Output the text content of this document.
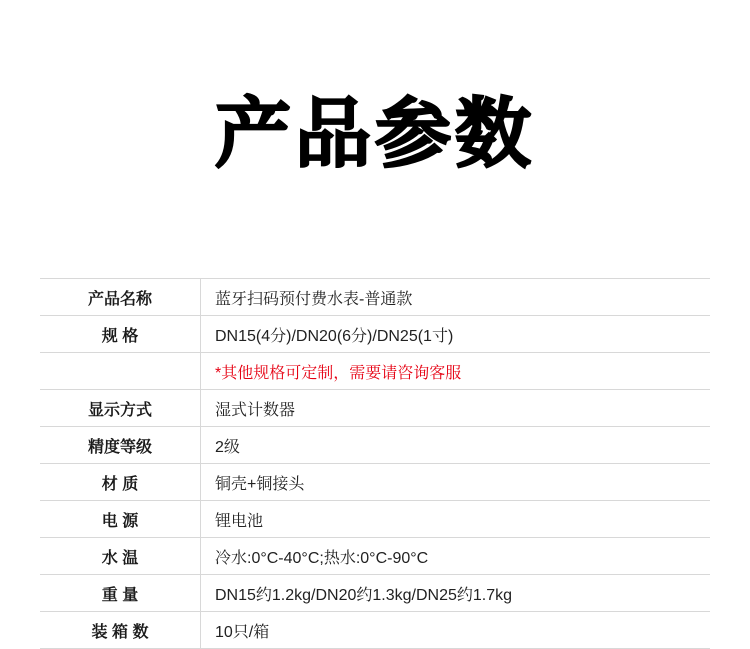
产品参数
产品名称	蓝牙扫码预付费水表-普通款
规 格	DN15(4分)/DN20(6分)/DN25(1寸)
	*其他规格可定制，需要请咨询客服
显示方式	湿式计数器
精度等级	2级
材 质	铜壳+铜接头
电 源	锂电池
水 温	冷水:0°C-40°C;热水:0°C-90°C
重 量	DN15约1.2kg/DN20约1.3kg/DN25约1.7kg
装 箱 数	10只/箱
